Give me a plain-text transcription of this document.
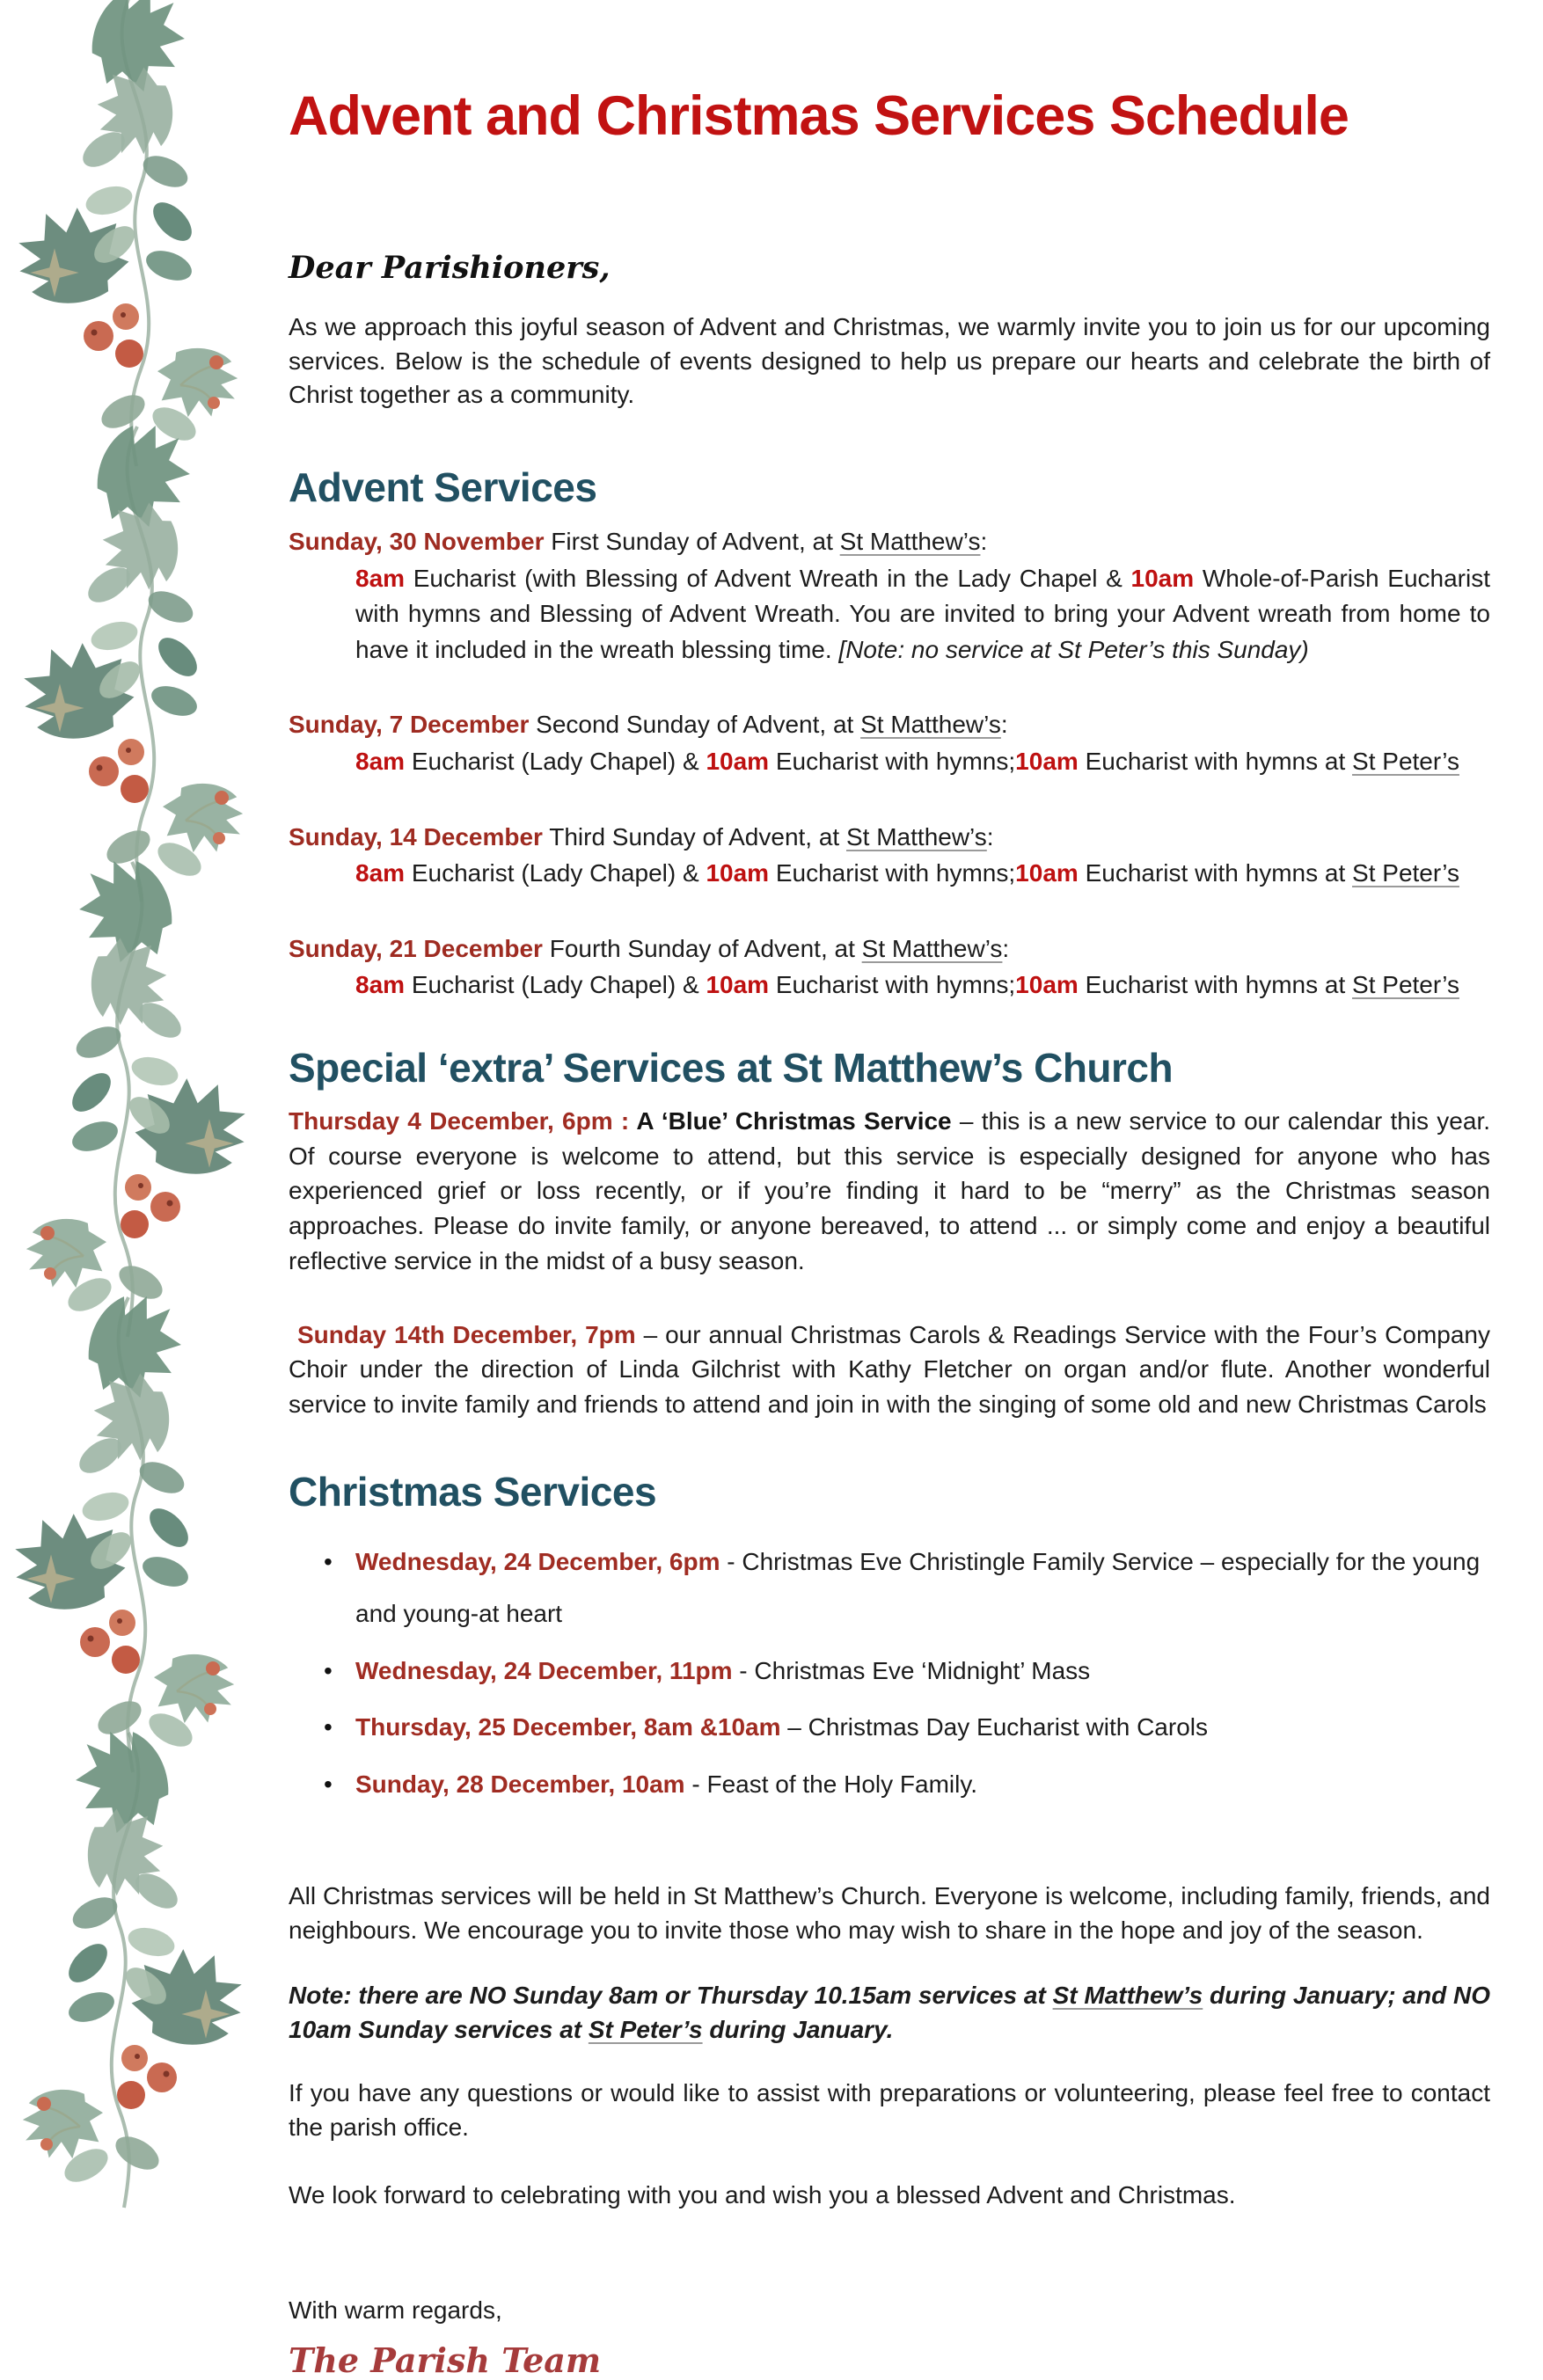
Advent and Christmas Services Schedule

Dear Parishioners,

As we approach this joyful season of Advent and Christmas, we warmly invite you to join us for our upcoming services. Below is the schedule of events designed to help us prepare our hearts and celebrate the birth of Christ together as a community.

Advent Services

Sunday, 30 November First Sunday of Advent, at St Matthew’s:

8am Eucharist (with Blessing of Advent Wreath in the Lady Chapel & 10am Whole-of-Parish Eucharist with hymns and Blessing of Advent Wreath. You are invited to bring your Advent wreath from home to have it included in the wreath blessing time. [Note: no service at St Peter’s this Sunday)

Sunday, 7 December Second Sunday of Advent, at St Matthew’s:

8am Eucharist (Lady Chapel) & 10am Eucharist with hymns;10am Eucharist with hymns at St Peter’s

Sunday, 14 December Third Sunday of Advent, at St Matthew’s:

8am Eucharist (Lady Chapel) & 10am Eucharist with hymns;10am Eucharist with hymns at St Peter’s

Sunday, 21 December Fourth Sunday of Advent, at St Matthew’s:

8am Eucharist (Lady Chapel) & 10am Eucharist with hymns;10am Eucharist with hymns at St Peter’s

Special ‘extra’ Services at St Matthew’s Church

Thursday 4 December, 6pm : A ‘Blue’ Christmas Service – this is a new service to our calendar this year. Of course everyone is welcome to attend, but this service is especially designed for anyone who has experienced grief or loss recently, or if you’re finding it hard to be “merry” as the Christmas season approaches. Please do invite family, or anyone bereaved, to attend ... or simply come and enjoy a beautiful reflective service in the midst of a busy season.

Sunday 14th December, 7pm – our annual Christmas Carols & Readings Service with the Four’s Company Choir under the direction of Linda Gilchrist with Kathy Fletcher on organ and/or flute. Another wonderful service to invite family and friends to attend and join in with the singing of some old and new Christmas Carols

Christmas Services
• Wednesday, 24 December, 6pm - Christmas Eve Christingle Family Service – especially for the young and young-at heart
• Wednesday, 24 December, 11pm - Christmas Eve ‘Midnight’ Mass
• Thursday, 25 December, 8am &10am – Christmas Day Eucharist with Carols
• Sunday, 28 December, 10am - Feast of the Holy Family.

All Christmas services will be held in St Matthew’s Church. Everyone is welcome, including family, friends, and neighbours. We encourage you to invite those who may wish to share in the hope and joy of the season.

Note: there are NO Sunday 8am or Thursday 10.15am services at St Matthew’s during January; and NO 10am Sunday services at St Peter’s during January.

If you have any questions or would like to assist with preparations or volunteering, please feel free to contact the parish office.

We look forward to celebrating with you and wish you a blessed Advent and Christmas.

With warm regards,

The Parish Team
